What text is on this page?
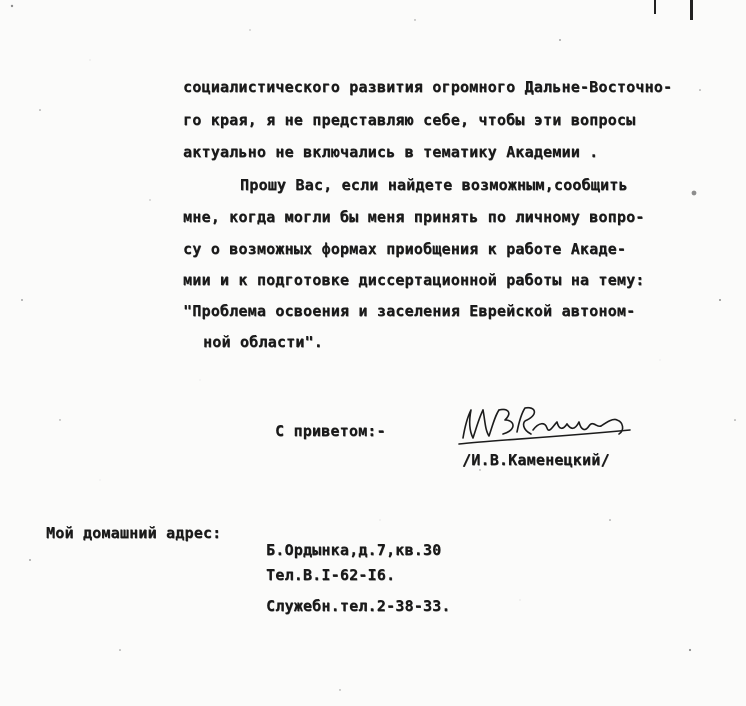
социалистического развития огромного Дальне-Восточно-
го края, я не представляю себе, чтобы эти вопросы
актуально не включались в тематику Академии .
Прошу Вас, если найдете возможным,сообщить
мне, когда могли бы меня принять по личному вопро-
су о возможных формах приобщения к работе Акаде-
мии и к подготовке диссертационной работы на тему:
"Проблема освоения и заселения Еврейской автоном-
ной области".
С приветом:-
/И.В.Каменецкий/
Мой домашний адрес:
Б.Ордынка,д.7,кв.30
Тел.В.I-62-I6.
Служебн.тел.2-38-33.
